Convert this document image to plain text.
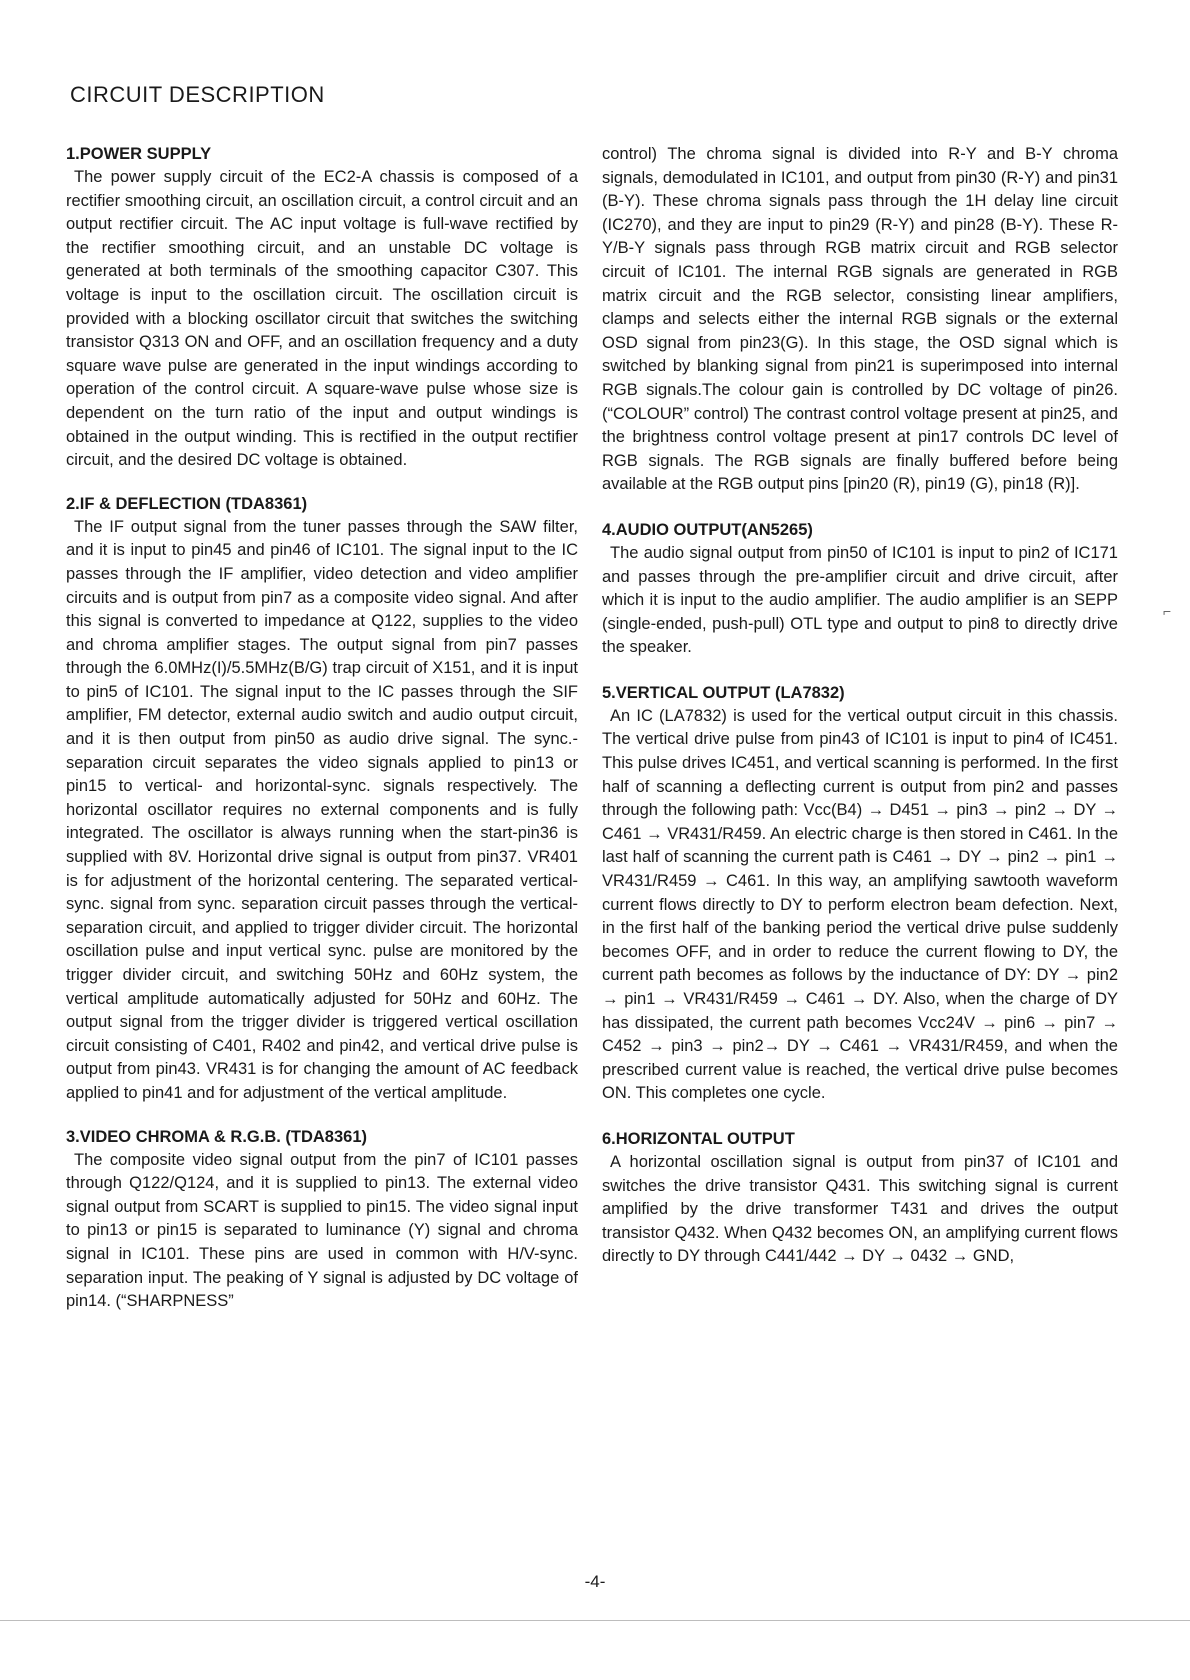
CIRCUIT DESCRIPTION

1.POWER SUPPLY

The power supply circuit of the EC2-A chassis is composed of a rectifier smoothing circuit, an oscillation circuit, a control circuit and an output rectifier circuit. The AC input voltage is full-wave rectified by the rectifier smoothing circuit, and an unstable DC voltage is generated at both terminals of the smoothing capacitor C307. This voltage is input to the oscillation circuit. The oscillation circuit is provided with a blocking oscillator circuit that switches the switching transistor Q313 ON and OFF, and an oscillation frequency and a duty square wave pulse are generated in the input windings according to operation of the control circuit. A square-wave pulse whose size is dependent on the turn ratio of the input and output windings is obtained in the output winding. This is rectified in the output rectifier circuit, and the desired DC voltage is obtained.

2.IF & DEFLECTION (TDA8361)

The IF output signal from the tuner passes through the SAW filter, and it is input to pin45 and pin46 of IC101. The signal input to the IC passes through the IF amplifier, video detection and video amplifier circuits and is output from pin7 as a composite video signal. And after this signal is converted to impedance at Q122, supplies to the video and chroma amplifier stages. The output signal from pin7 passes through the 6.0MHz(I)/5.5MHz(B/G) trap circuit of X151, and it is input to pin5 of IC101. The signal input to the IC passes through the SIF amplifier, FM detector, external audio switch and audio output circuit, and it is then output from pin50 as audio drive signal. The sync.-separation circuit separates the video signals applied to pin13 or pin15 to vertical- and horizontal-sync. signals respectively. The horizontal oscillator requires no external components and is fully integrated. The oscillator is always running when the start-pin36 is supplied with 8V. Horizontal drive signal is output from pin37. VR401 is for adjustment of the horizontal centering. The separated vertical-sync. signal from sync. separation circuit passes through the vertical-separation circuit, and applied to trigger divider circuit. The horizontal oscillation pulse and input vertical sync. pulse are monitored by the trigger divider circuit, and switching 50Hz and 60Hz system, the vertical amplitude automatically adjusted for 50Hz and 60Hz. The output signal from the trigger divider is triggered vertical oscillation circuit consisting of C401, R402 and pin42, and vertical drive pulse is output from pin43. VR431 is for changing the amount of AC feedback applied to pin41 and for adjustment of the vertical amplitude.

3.VIDEO CHROMA & R.G.B. (TDA8361)

The composite video signal output from the pin7 of IC101 passes through Q122/Q124, and it is supplied to pin13. The external video signal output from SCART is supplied to pin15. The video signal input to pin13 or pin15 is separated to luminance (Y) signal and chroma signal in IC101. These pins are used in common with H/V-sync. separation input. The peaking of Y signal is adjusted by DC voltage of pin14. (“SHARPNESS”

control) The chroma signal is divided into R-Y and B-Y chroma signals, demodulated in IC101, and output from pin30 (R-Y) and pin31 (B-Y). These chroma signals pass through the 1H delay line circuit (IC270), and they are input to pin29 (R-Y) and pin28 (B-Y). These R-Y/B-Y signals pass through RGB matrix circuit and RGB selector circuit of IC101. The internal RGB signals are generated in RGB matrix circuit and the RGB selector, consisting linear amplifiers, clamps and selects either the internal RGB signals or the external OSD signal from pin23(G). In this stage, the OSD signal which is switched by blanking signal from pin21 is superimposed into internal RGB signals.The colour gain is controlled by DC voltage of pin26. (“COLOUR” control) The contrast control voltage present at pin25, and the brightness control voltage present at pin17 controls DC level of RGB signals. The RGB signals are finally buffered before being available at the RGB output pins [pin20 (R), pin19 (G), pin18 (R)].

4.AUDIO OUTPUT(AN5265)

The audio signal output from pin50 of IC101 is input to pin2 of IC171 and passes through the pre-amplifier circuit and drive circuit, after which it is input to the audio amplifier. The audio amplifier is an SEPP (single-ended, push-pull) OTL type and output to pin8 to directly drive the speaker.

5.VERTICAL OUTPUT (LA7832)

An IC (LA7832) is used for the vertical output circuit in this chassis. The vertical drive pulse from pin43 of IC101 is input to pin4 of IC451. This pulse drives IC451, and vertical scanning is performed. In the first half of scanning a deflecting current is output from pin2 and passes through the following path: Vcc(B4) → D451 → pin3 → pin2 → DY → C461 → VR431/R459. An electric charge is then stored in C461. In the last half of scanning the current path is C461 → DY → pin2 → pin1 → VR431/R459 → C461. In this way, an amplifying sawtooth waveform current flows directly to DY to perform electron beam defection. Next, in the first half of the banking period the vertical drive pulse suddenly becomes OFF, and in order to reduce the current flowing to DY, the current path becomes as follows by the inductance of DY: DY → pin2 → pin1 → VR431/R459 → C461 → DY. Also, when the charge of DY has dissipated, the current path becomes Vcc24V → pin6 → pin7 → C452 → pin3 → pin2→ DY → C461 → VR431/R459, and when the prescribed current value is reached, the vertical drive pulse becomes ON. This completes one cycle.

6.HORIZONTAL OUTPUT

A horizontal oscillation signal is output from pin37 of IC101 and switches the drive transistor Q431. This switching signal is current amplified by the drive transformer T431 and drives the output transistor Q432. When Q432 becomes ON, an amplifying current flows directly to DY through C441/442 → DY → 0432 → GND,

⌐
-4-
